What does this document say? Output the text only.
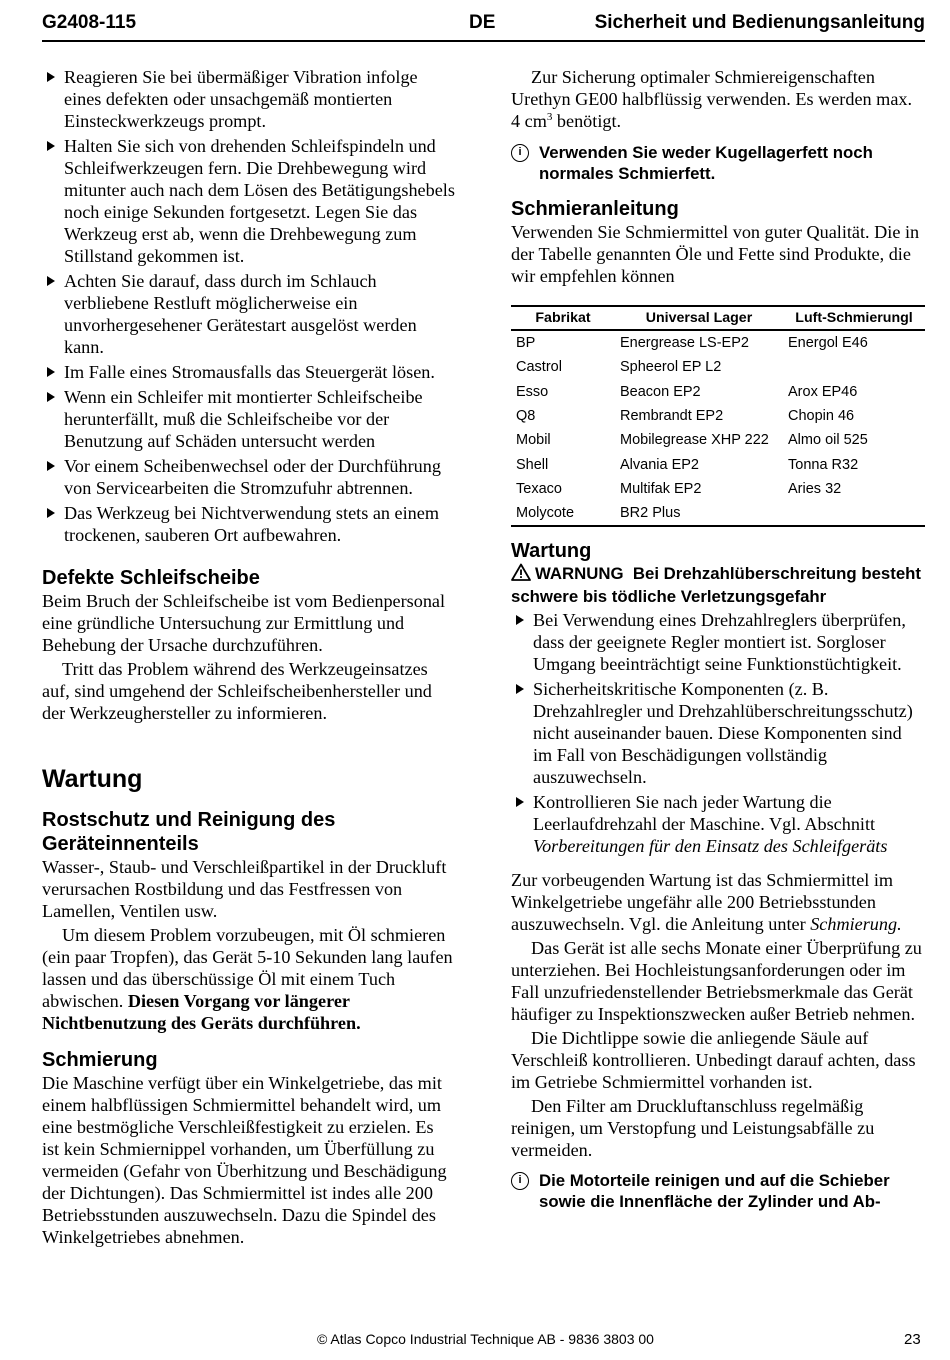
G2408-115	DE	Sicherheit und Bedienungsanleitung
Reagieren Sie bei übermäßiger Vibration infolge eines defekten oder unsachgemäß montierten Einsteckwerkzeugs prompt.
Halten Sie sich von drehenden Schleifspindeln und Schleifwerkzeugen fern. Die Drehbewegung wird mitunter auch nach dem Lösen des Betätigungshebels noch einige Sekunden fortgesetzt. Legen Sie das Werkzeug erst ab, wenn die Drehbewegung zum Stillstand gekommen ist.
Achten Sie darauf, dass durch im Schlauch verbliebene Restluft möglicherweise ein unvorhergesehener Gerätestart ausgelöst werden kann.
Im Falle eines Stromausfalls das Steuergerät lösen.
Wenn ein Schleifer mit montierter Schleifscheibe herunterfällt, muß die Schleifscheibe vor der Benutzung auf Schäden untersucht werden
Vor einem Scheibenwechsel oder der Durchführung von Servicearbeiten die Stromzufuhr abtrennen.
Das Werkzeug bei Nichtverwendung stets an einem trockenen, sauberen Ort aufbewahren.
Defekte Schleifscheibe

Beim Bruch der Schleifscheibe ist vom Bedienpersonal eine gründliche Untersuchung zur Ermittlung und Behebung der Ursache durchzuführen.

Tritt das Problem während des Werkzeugeinsatzes auf, sind umgehend der Schleifscheibenhersteller und der Werkzeughersteller zu informieren.

Wartung
Rostschutz und Reinigung des Geräteinnenteils

Wasser-, Staub- und Verschleißpartikel in der Druckluft verursachen Rostbildung und das Festfressen von Lamellen, Ventilen usw.

Um diesem Problem vorzubeugen, mit Öl schmieren (ein paar Tropfen), das Gerät 5-10 Sekunden lang laufen lassen und das überschüssige Öl mit einem Tuch abwischen. Diesen Vorgang vor längerer Nichtbenutzung des Geräts durchführen.

Schmierung

Die Maschine verfügt über ein Winkelgetriebe, das mit einem halbflüssigen Schmiermittel behandelt wird, um eine bestmögliche Verschleißfestigkeit zu erzielen. Es ist kein Schmiernippel vorhanden, um Überfüllung zu vermeiden (Gefahr von Überhitzung und Beschädigung der Dichtungen). Das Schmiermittel ist indes alle 200 Betriebsstunden auszuwechseln. Dazu die Spindel des Winkelgetriebes abnehmen.

Zur Sicherung optimaler Schmiereigenschaften Urethyn GE00 halbflüssig verwenden. Es werden max. 4 $cm^3$ benötigt.

i	Verwenden Sie weder Kugellagerfett noch normales Schmierfett.
Schmieranleitung

Verwenden Sie Schmiermittel von guter Qualität. Die in der Tabelle genannten Öle und Fette sind Produkte, die wir empfehlen können

Fabrikat	Universal Lager	Luft-Schmierungl
BP	Energrease LS-EP2	Energol E46
Castrol	Spheerol EP L2	
Esso	Beacon EP2	Arox EP46
Q8	Rembrandt EP2	Chopin 46
Mobil	Mobilegrease XHP 222	Almo oil 525
Shell	Alvania EP2	Tonna R32
Texaco	Multifak EP2	Aries 32
Molycote	BR2 Plus	
Wartung
WARNUNG Bei Drehzahlüberschreitung besteht schwere bis tödliche Verletzungsgefahr
Bei Verwendung eines Drehzahlreglers überprüfen, dass der geeignete Regler montiert ist. Sorgloser Umgang beeinträchtigt seine Funktionstüchtigkeit.
Sicherheitskritische Komponenten (z. B. Drehzahlregler und Drehzahlüberschreitungsschutz) nicht auseinander bauen. Diese Komponenten sind im Fall von Beschädigungen vollständig auszuwechseln.
Kontrollieren Sie nach jeder Wartung die Leerlaufdrehzahl der Maschine. Vgl. Abschnitt Vorbereitungen für den Einsatz des Schleifgeräts

Zur vorbeugenden Wartung ist das Schmiermittel im Winkelgetriebe ungefähr alle 200 Betriebsstunden auszuwechseln. Vgl. die Anleitung unter Schmierung.

Das Gerät ist alle sechs Monate einer Überprüfung zu unterziehen. Bei Hochleistungsanforderungen oder im Fall unzufriedenstellender Betriebsmerkmale das Gerät häufiger zu Inspektionszwecken außer Betrieb nehmen.

Die Dichtlippe sowie die anliegende Säule auf Verschleiß kontrollieren. Unbedingt darauf achten, dass im Getriebe Schmiermittel vorhanden ist.

Den Filter am Druckluftanschluss regelmäßig reinigen, um Verstopfung und Leistungsabfälle zu vermeiden.

i	Die Motorteile reinigen und auf die Schieber sowie die Innenfläche der Zylinder und Ab-
© Atlas Copco Industrial Technique AB - 9836 3803 00	23
